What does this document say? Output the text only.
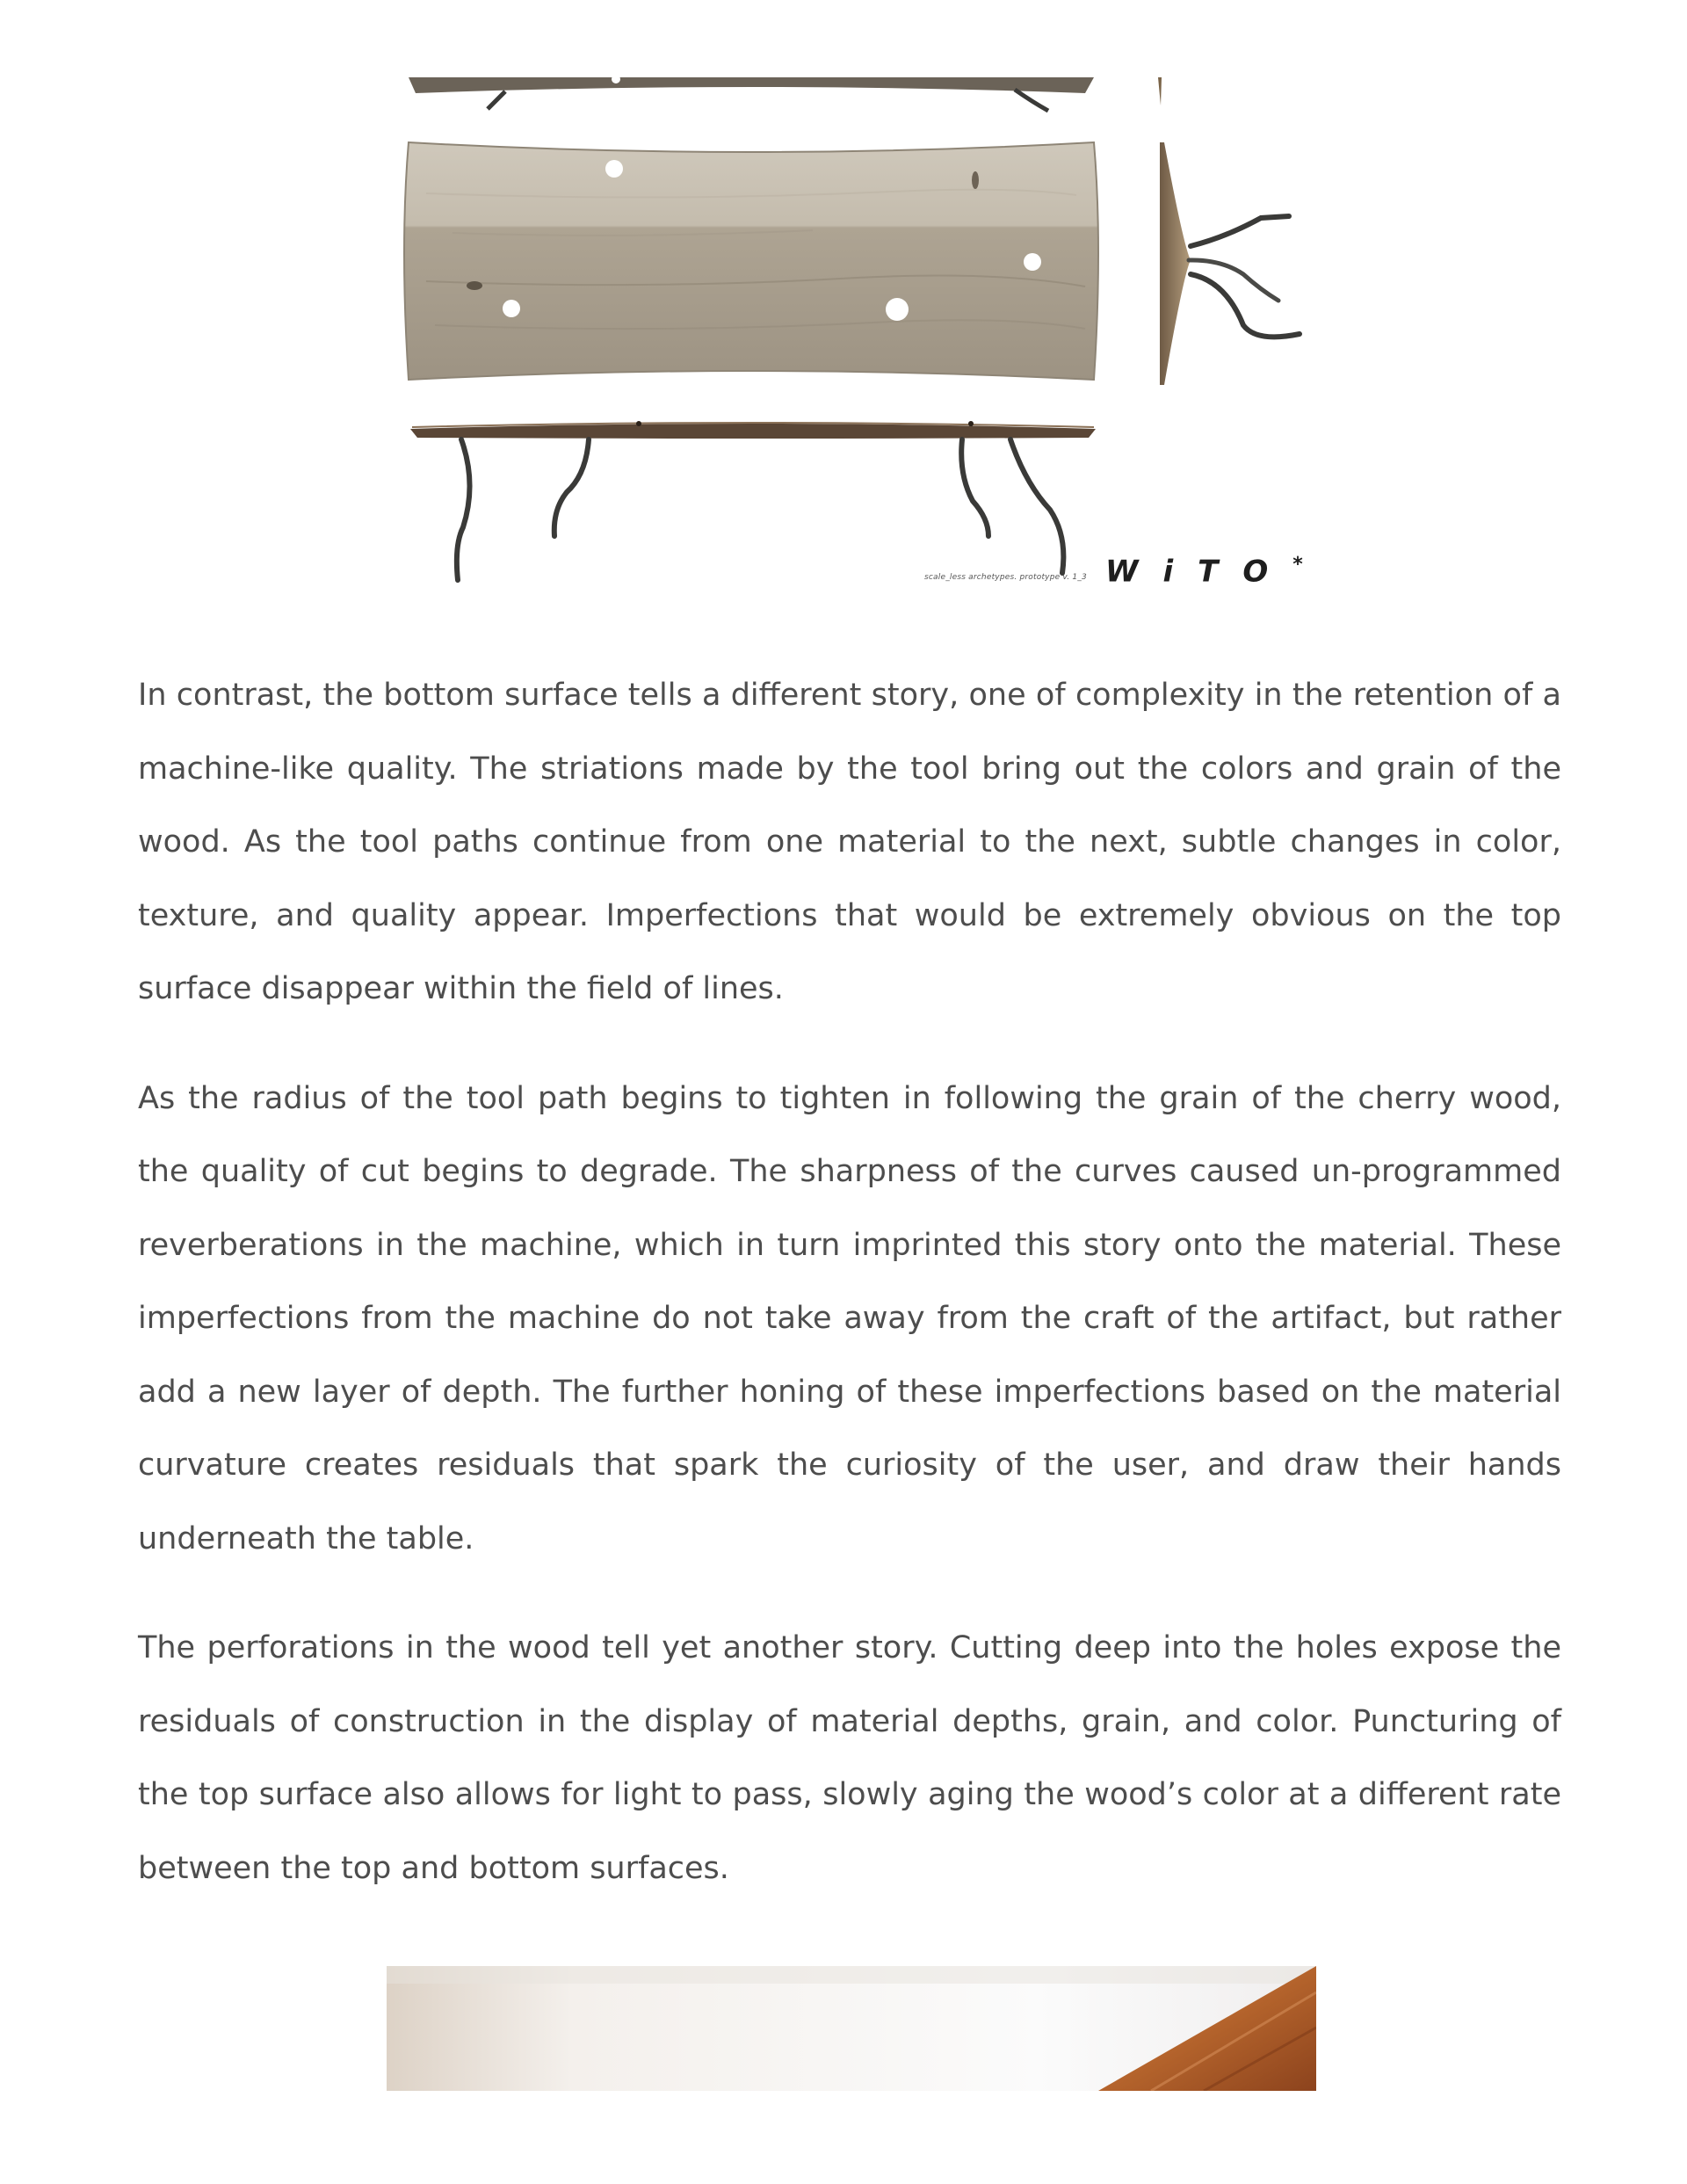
scale_less archetypes. prototype v. 1_3 WiTO*

In contrast, the bottom surface tells a different story, one of complexity in the retention of a machine-like quality. The striations made by the tool bring out the colors and grain of the wood. As the tool paths continue from one material to the next, subtle changes in color, texture, and quality appear. Imperfections that would be extremely obvious on the top surface disappear within the field of lines.

As the radius of the tool path begins to tighten in following the grain of the cherry wood, the quality of cut begins to degrade. The sharpness of the curves caused un-programmed reverberations in the machine, which in turn imprinted this story onto the material. These imperfections from the machine do not take away from the craft of the artifact, but rather add a new layer of depth. The further honing of these imperfections based on the material curvature creates residuals that spark the curiosity of the user, and draw their hands underneath the table.

The perforations in the wood tell yet another story. Cutting deep into the holes expose the residuals of construction in the display of material depths, grain, and color. Puncturing of the top surface also allows for light to pass, slowly aging the wood’s color at a different rate between the top and bottom surfaces.
